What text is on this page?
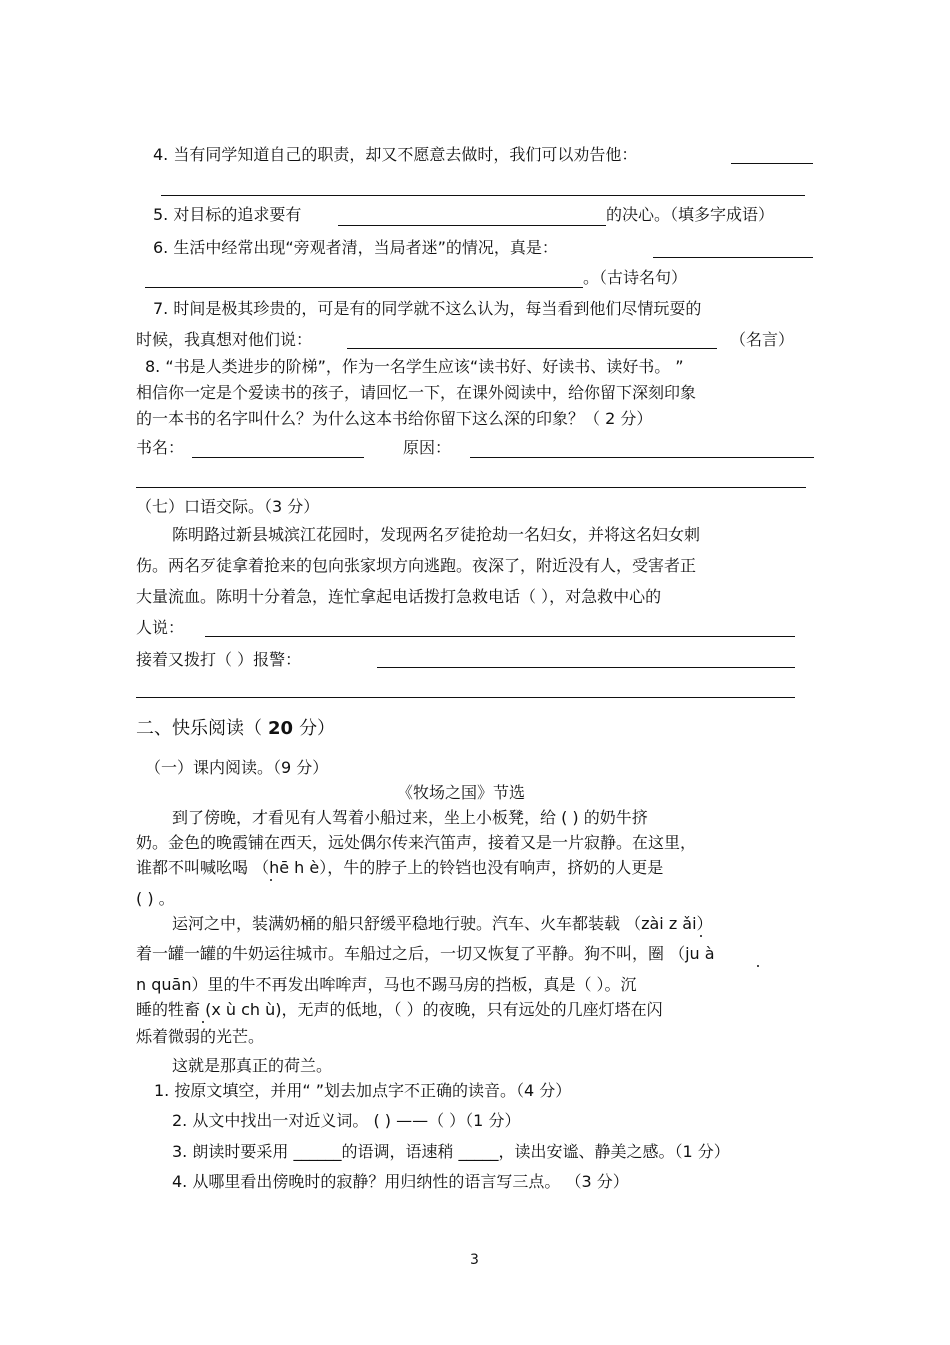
4. 当有同学知道自己的职责，却又不愿意去做时，我们可以劝告他：
5. 对目标的追求要有	的决心。（填多字成语）
6. 生活中经常出现“旁观者清，当局者迷”的情况，真是：
。（古诗名句）
7. 时间是极其珍贵的，可是有的同学就不这么认为，每当看到他们尽情玩耍的
时候，我真想对他们说：	（名言）
8. “书是人类进步的阶梯”，作为一名学生应该“读书好、好读书、读好书。 ”
相信你一定是个爱读书的孩子，请回忆一下，在课外阅读中，给你留下深刻印象
的一本书的名字叫什么？为什么这本书给你留下这么深的印象？（ 2 分）
书名：	原因：
（七）口语交际。（3 分）
陈明路过新县城滨江花园时，发现两名歹徒抢劫一名妇女，并将这名妇女刺
伤。两名歹徒拿着抢来的包向张家坝方向逃跑。夜深了，附近没有人，受害者正
大量流血。陈明十分着急，连忙拿起电话拨打急救电话（ ），对急救中心的
人说：
接着又拨打（ ）报警：
二、快乐阅读（ 20 分）
（一）课内阅读。（9 分）
《牧场之国》节选
到了傍晚，才看见有人驾着小船过来，坐上小板凳，给 ( ) 的奶牛挤
奶。金色的晚霞铺在西天，远处偶尔传来汽笛声，接着又是一片寂静。在这里，
谁都不叫喊吆喝 （hē h è），牛的脖子上的铃铛也没有响声，挤奶的人更是
( ) 。
运河之中，装满奶桶的船只舒缓平稳地行驶。汽车、火车都装载 （zài z ǎi）
着一罐一罐的牛奶运往城市。车船过之后，一切又恢复了平静。狗不叫，圈 （ju à
n quān）里的牛不再发出哞哞声，马也不踢马房的挡板，真是（ ）。沉
睡的牲畜 (x ù ch ù)，无声的低地，（ ）的夜晚，只有远处的几座灯塔在闪
烁着微弱的光芒。
这就是那真正的荷兰。
1. 按原文填空，并用“ ”划去加点字不正确的读音。（4 分）
2. 从文中找出一对近义词。 ( ) ——（ ）（1 分）
3. 朗读时要采用 ______的语调，语速稍 _____，读出安谧、静美之感。（1 分）
4. 从哪里看出傍晚时的寂静？用归纳性的语言写三点。 （3 分）
3
